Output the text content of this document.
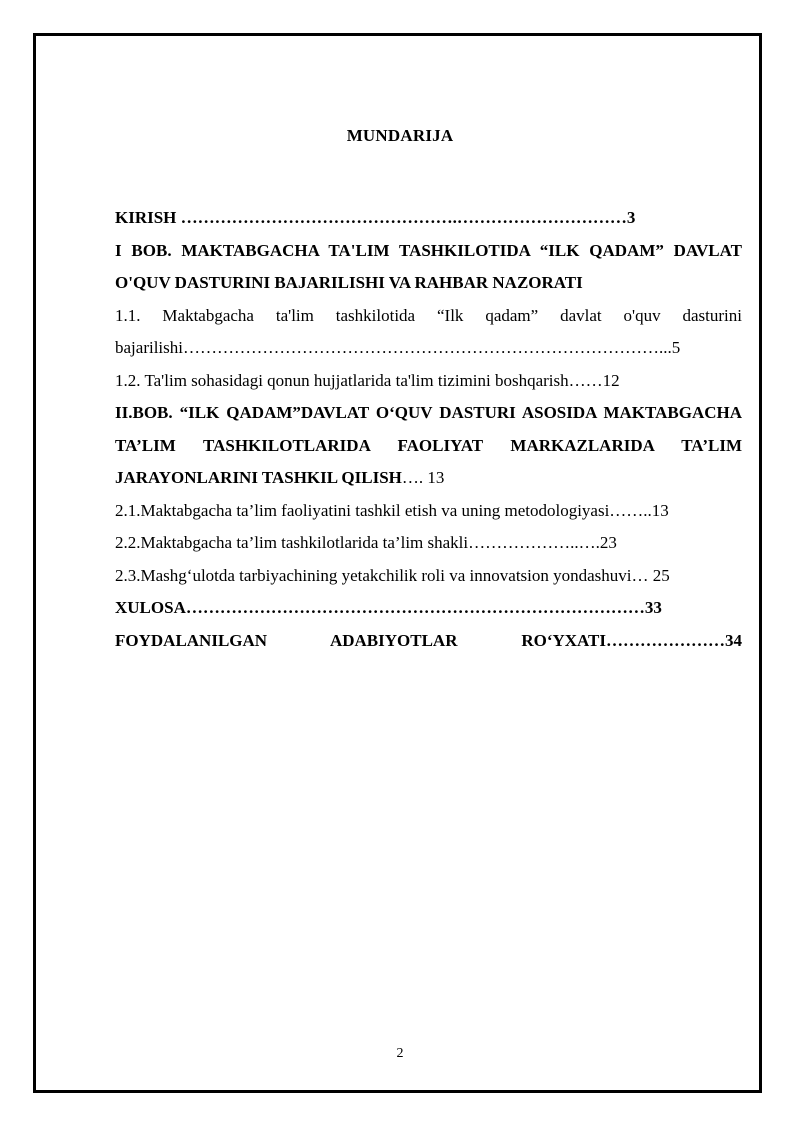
MUNDARIJA

KIRISH ………………………………………….…………………………3

I BOB. MAKTABGACHA TA'LIM TASHKILOTIDA “ILK QADAM” DAVLAT O'QUV DASTURINI BAJARILISHI VA RAHBAR NAZORATI

1.1. Maktabgacha ta'lim tashkilotida “Ilk qadam” davlat o'quv dasturini bajarilishi…………………………………………………………………………...5

1.2. Ta'lim sohasidagi qonun hujjatlarida ta'lim tizimini boshqarish……12

II.BOB. “ILK QADAM”DAVLAT O‘QUV DASTURI ASOSIDA MAKTABGACHA TA’LIM TASHKILOTLARIDA FAOLIYAT MARKAZLARIDA TA’LIM JARAYONLARINI TASHKIL QILISH…. 13

2.1.Maktabgacha ta’lim faoliyatini tashkil etish va uning metodologiyasi……..13

2.2.Maktabgacha ta’lim tashkilotlarida ta’lim shakli………………..….23

2.3.Mashg‘ulotda tarbiyachining yetakchilik roli va innovatsion yondashuvi… 25

XULOSA………………………………………………………………………33

FOYDALANILGAN ADABIYOTLAR RO‘YXATI…………………34

2
